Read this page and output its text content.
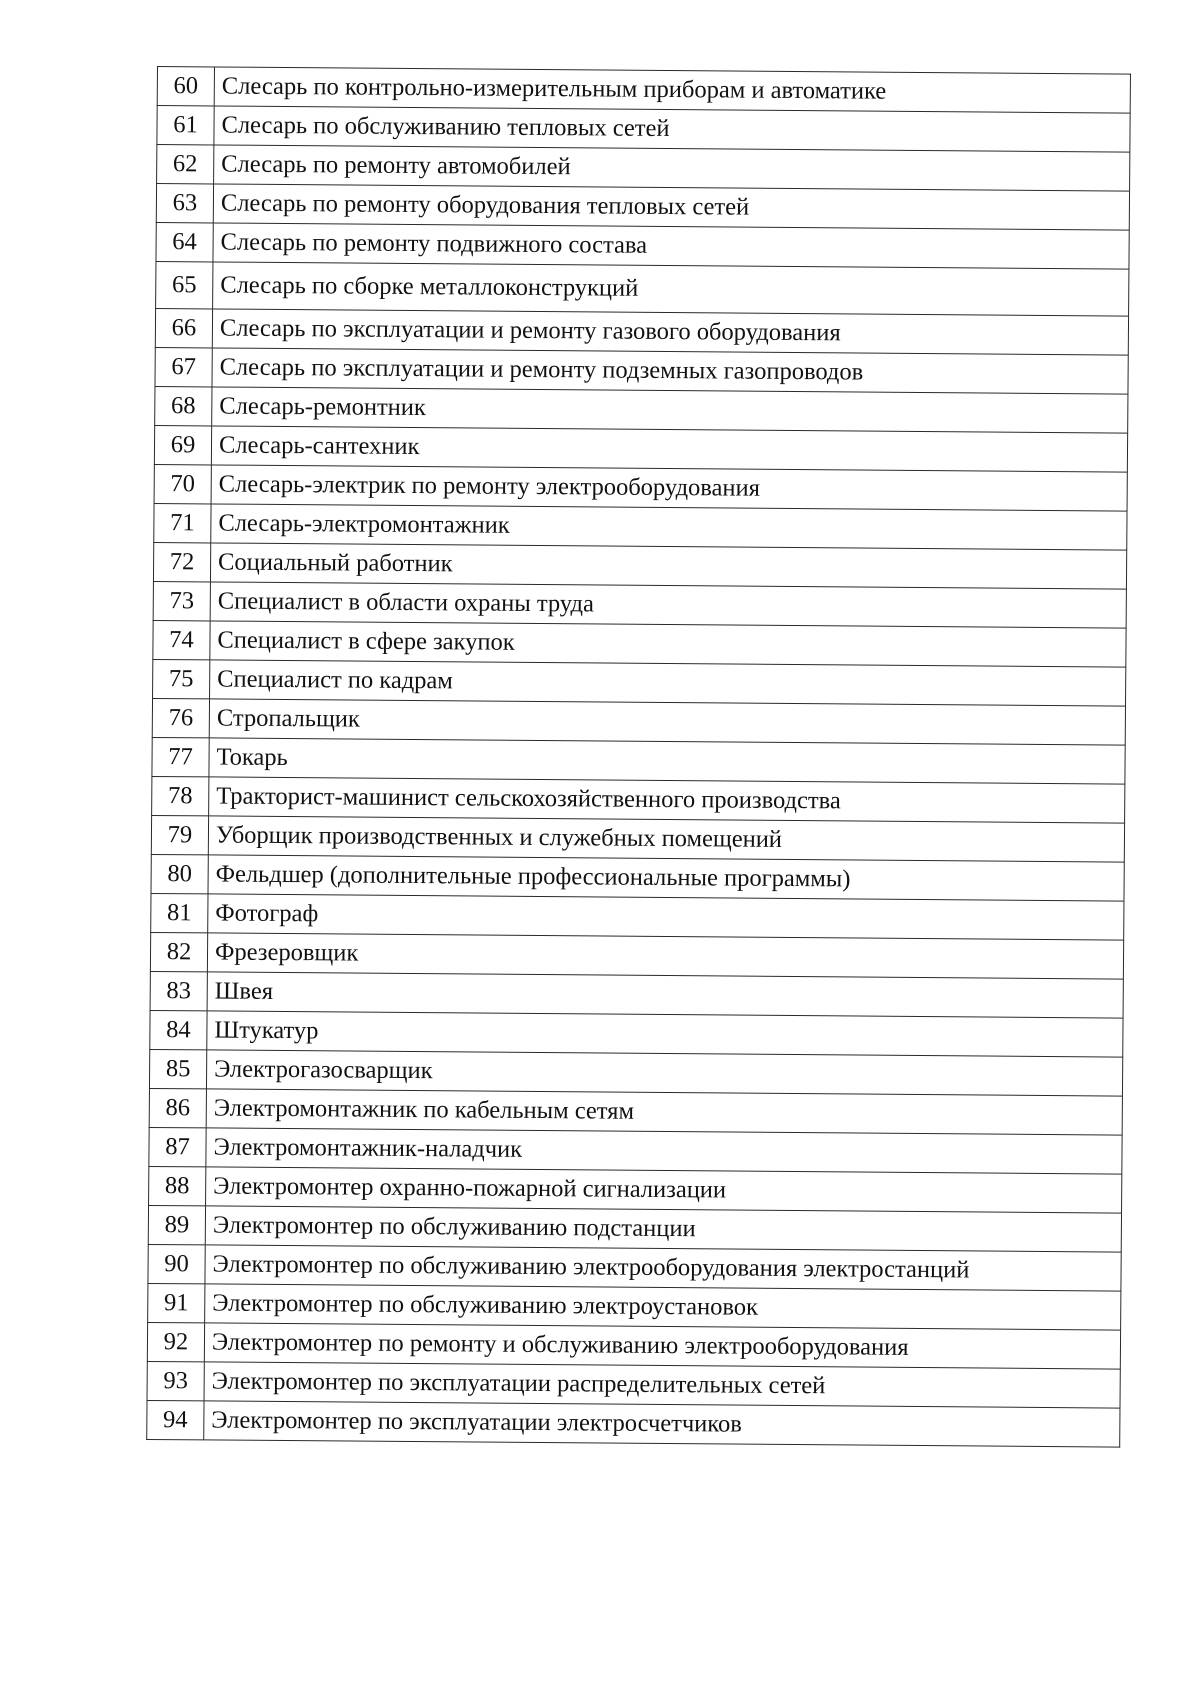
60	Слесарь по контрольно-измерительным приборам и автоматике
61	Слесарь по обслуживанию тепловых сетей
62	Слесарь по ремонту автомобилей
63	Слесарь по ремонту оборудования тепловых сетей
64	Слесарь по ремонту подвижного состава
65	Слесарь по сборке металлоконструкций
66	Слесарь по эксплуатации и ремонту газового оборудования
67	Слесарь по эксплуатации и ремонту подземных газопроводов
68	Слесарь-ремонтник
69	Слесарь-сантехник
70	Слесарь-электрик по ремонту электрооборудования
71	Слесарь-электромонтажник
72	Социальный работник
73	Специалист в области охраны труда
74	Специалист в сфере закупок
75	Специалист по кадрам
76	Стропальщик
77	Токарь
78	Тракторист-машинист сельскохозяйственного производства
79	Уборщик производственных и служебных помещений
80	Фельдшер (дополнительные профессиональные программы)
81	Фотограф
82	Фрезеровщик
83	Швея
84	Штукатур
85	Электрогазосварщик
86	Электромонтажник по кабельным сетям
87	Электромонтажник-наладчик
88	Электромонтер охранно-пожарной сигнализации
89	Электромонтер по обслуживанию подстанции
90	Электромонтер по обслуживанию электрооборудования электростанций
91	Электромонтер по обслуживанию электроустановок
92	Электромонтер по ремонту и обслуживанию электрооборудования
93	Электромонтер по эксплуатации распределительных сетей
94	Электромонтер по эксплуатации электросчетчиков
